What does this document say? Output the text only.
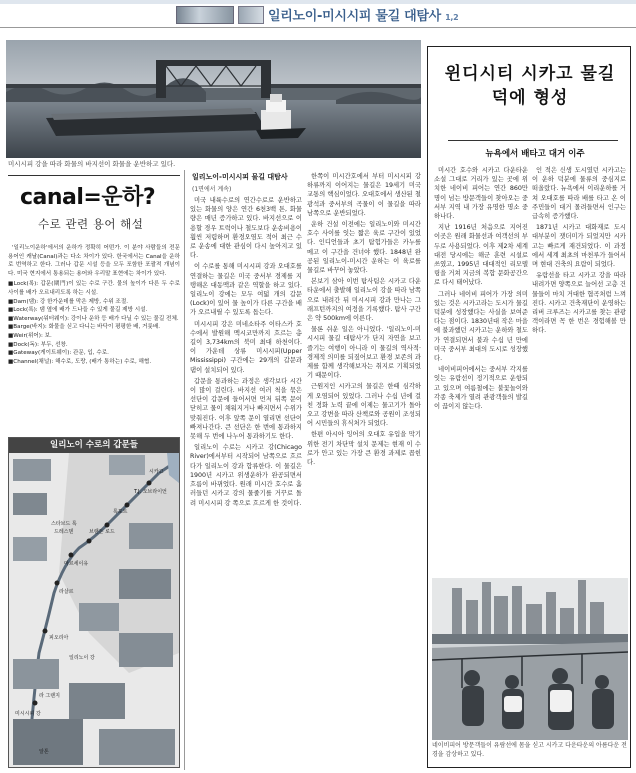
일리노이-미시시피 물길 대탐사 1,2
미시시피 강을 따라 화물의 바지선이 화물을 운반하고 있다.
canal=운하?
수로 관련 용어 해설

'일리노이운하'에서의 운하가 정확히 어떤가. 이 분야 사람들의 전문 용어인 캐날(Canal)과는 다소 차이가 있다. 한국에서는 Canal을 운하로 번역하고 한다. 그러나 갑문 시설 등을 모두 포함한 포괄적 개념이다. 미국 현지에서 통용되는 용어와 우리말 표현에는 차이가 있다.

■Lock(록): 갑문(閘門)이 있는 수로 구간. 물의 높이가 다른 두 수로 사이를 배가 오르내리도록 하는 시설.

■Dam(댐): 강 한가운데를 막은 제방, 수위 조절.

■Lock(록): 댐 옆에 배가 드나들 수 있게 물길 제방 시설.

■Waterway(워터웨이): 강이나 운하 등 배가 다닐 수 있는 물길 전체.

■Barge(바지): 화물을 싣고 다니는 바닥이 평평한 배, 거룻배.

■Weir(위어): 보.

■Dock(독): 부두, 선창.

■Gateway(게이트웨이): 관문, 입, 수로.

■Channel(채널): 해수로, 도랑, (배가 통하는) 수로, 해협.

일리노이 수로의 갑문들
T.J. 오브라이언
시카고
록포트
브랜든 로드
드레스덴
마르세이유
스타브드 록
라살르
피오리아
일리노이 강
라 그랜지
미시시피 강
알톤
일리노이-미시시피 물길 대탐사
(1면에서 계속)

미국 내륙수로의 연간수로로 운반하고 있는 화물의 양은 연간 6천3백 톤, 화물량은 매년 증가하고 있다. 바지선으로 이용할 경우 트럭이나 철도보다 운송비용이 훨씬 저렴하며 환경오염도 적어 최근 수로 운송에 대한 관심이 다시 높아지고 있다.

이 수로를 통해 미시시피 강과 오대호를 연결하는 물길은 미국 중서부 경제를 지탱해온 대동맥과 같은 역할을 하고 있다. 일리노이 강에는 모두 여덟 개의 갑문(Lock)이 있어 물 높이가 다른 구간을 배가 오르내릴 수 있도록 돕는다.

미시시피 강은 미네소타주 이타스카 호수에서 발원해 멕시코만까지 흐르는 총 길이 3,734km의 북미 최대 하천이다. 이 가운데 상류 미시시피(Upper Mississippi) 구간에는 29개의 갑문과 댐이 설치되어 있다.

갑문을 통과하는 과정은 생각보다 시간이 많이 걸린다. 바지선 여러 척을 묶은 선단이 갑문에 들어서면 먼저 뒤쪽 문이 닫히고 물이 채워지거나 빠지면서 수위가 맞춰진다. 이후 앞쪽 문이 열리면 선단이 빠져나간다. 큰 선단은 한 번에 통과하지 못해 두 번에 나누어 통과하기도 한다.

일리노이 수로는 시카고 강(Chicago River)에서부터 시작되어 남쪽으로 흐르다가 일리노이 강과 합류한다. 이 물길은 1900년 시카고 위생운하가 완공되면서 흐름이 바뀌었다. 원래 미시간 호수로 흘러들던 시카고 강의 물줄기를 거꾸로 돌려 미시시피 강 쪽으로 흐르게 한 것이다.

한쪽이 미시간호에서 부터 미시시피 강 하류까지 이어지는 물길은 19세기 미국 교통의 핵심이었다. 오대호에서 생산된 철광석과 중서부의 곡물이 이 물길을 따라 남쪽으로 운반되었다.

운하 건설 이전에는 일리노이와 미시간 호수 사이를 잇는 짧은 육로 구간이 있었다. 인디언들과 초기 탐험가들은 카누를 메고 이 구간을 건너야 했다. 1848년 완공된 일리노이-미시간 운하는 이 육로를 물길로 바꾸어 놓았다.

본보기 삼아 이번 탐사팀은 시카고 다운타운에서 출발해 일리노이 강을 따라 남쪽으로 내려간 뒤 미시시피 강과 만나는 그래프턴까지의 여정을 기록했다. 탐사 구간은 약 500km에 이른다.

물론 쉬운 일은 아니었다. '일리노이-미시시피 물길 대탐사'가 단지 자연을 보고 즐기는 여행이 아니라 이 물길의 역사적·경제적 의미를 되짚어보고 환경 보존의 과제를 함께 생각해보자는 취지로 기획되었기 때문이다.

근원지인 시카고의 물길은 한때 심각하게 오염되어 있었다. 그러나 수십 년에 걸친 정화 노력 끝에 이제는 물고기가 돌아오고 강변을 따라 산책로와 공원이 조성되어 시민들의 휴식처가 되었다.

한편 아시아 잉어의 오대호 유입을 막기 위한 전기 차단막 설치 문제는 현재 이 수로가 안고 있는 가장 큰 환경 과제로 꼽힌다.

윈디시티 시카고 물길덕에 형성
뉴욕에서 배타고 대거 이주

미시간 호수와 시카고 다운타운 소설 그대로 거리가 있는 곳에 위치한 네이비 피어는 연간 860만 명이 넘는 방문객들이 찾아오는 중서부 지역 내 가장 유명한 명소 중 하나다.

지난 1916년 처음으로 지어진 이곳은 원래 화물선과 여객선의 부두로 사용되었다. 이후 제2차 세계대전 당시에는 해군 훈련 시설로 쓰였고, 1995년 대대적인 리모델링을 거쳐 지금의 복합 문화공간으로 다시 태어났다.

그러나 네이비 피어가 가장 의미 있는 것은 시카고라는 도시가 물길 덕분에 성장했다는 사실을 보여준다는 점이다. 1830년대 작은 마을에 불과했던 시카고는 운하와 철도가 연결되면서 불과 수십 년 만에 미국 중서부 최대의 도시로 성장했다.

네이비피어에서는 중서부 각지를 잇는 유람선이 정기적으로 운항되고 있으며 여름철에는 불꽃놀이와 각종 축제가 열려 관광객들의 발길이 끊이지 않는다.

인 적은 신생 도시였던 시카고는 이 운하 덕분에 물류의 중심지로 떠올랐다. 뉴욕에서 이리운하를 거쳐 오대호를 따라 배를 타고 온 이주민들이 대거 몰려들면서 인구는 급속히 증가했다.

1871년 시카고 대화재로 도시 대부분이 잿더미가 되었지만 시카고는 빠르게 재건되었다. 이 과정에서 세계 최초의 마천루가 들어서며 현대 건축의 요람이 되었다.

유람선을 타고 시카고 강을 따라 내려가면 양쪽으로 늘어선 고층 건물들이 마치 거대한 협곡처럼 느껴진다. 시카고 건축재단이 운영하는 리버 크루즈는 시카고를 찾는 관광객이라면 꼭 한 번은 경험해볼 만하다.

네이비피어 방문객들이 유람선에 몸을 싣고 시카고 다운타운의 아름다운 전경을 감상하고 있다.
